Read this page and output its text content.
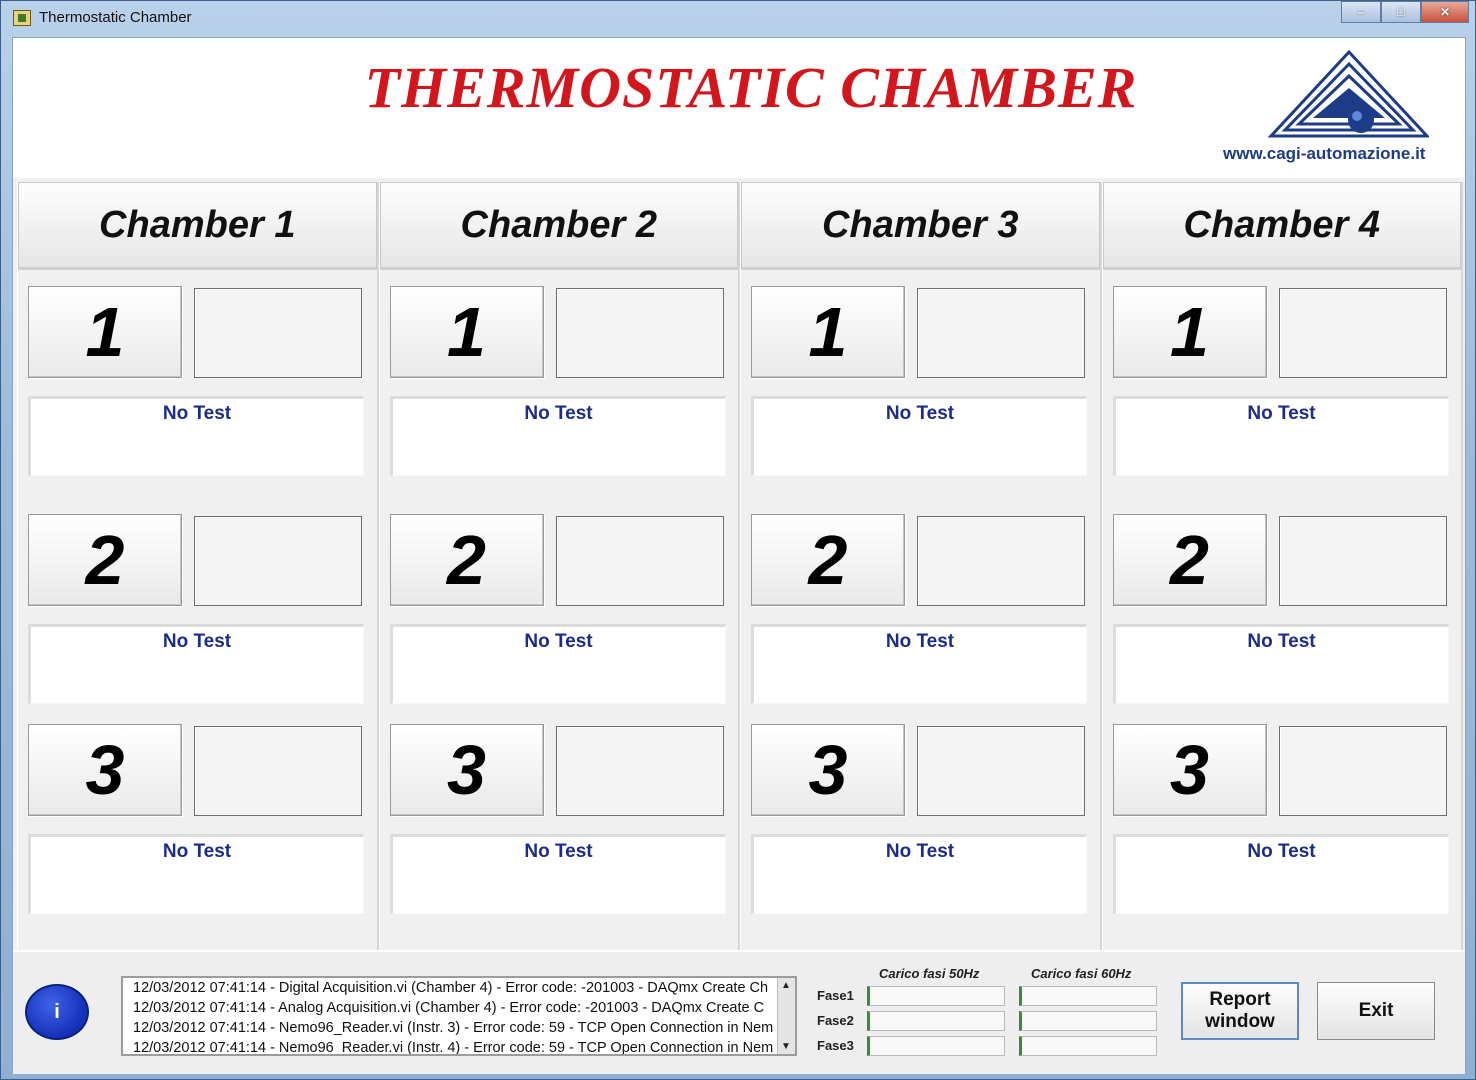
Thermostatic Chamber	–	□	✕
THERMOSTATIC CHAMBER
www.cagi-automazione.it
Chamber 1
1
No Test
2
No Test
3
No Test
Chamber 2
1
No Test
2
No Test
3
No Test
Chamber 3
1
No Test
2
No Test
3
No Test
Chamber 4
1
No Test
2
No Test
3
No Test
i
12/03/2012 07:41:14 - Digital Acquisition.vi (Chamber 4) - Error code: -201003 - DAQmx Create Ch
12/03/2012 07:41:14 - Analog Acquisition.vi (Chamber 4) - Error code: -201003 - DAQmx Create C
12/03/2012 07:41:14 - Nemo96_Reader.vi (Instr. 3) - Error code: 59 - TCP Open Connection in Nem
12/03/2012 07:41:14 - Nemo96_Reader.vi (Instr. 4) - Error code: 59 - TCP Open Connection in Nem
▲
▼
Carico fasi 50Hz	Carico fasi 60Hz
Fase1
Fase2
Fase3
Report
window
Exit
